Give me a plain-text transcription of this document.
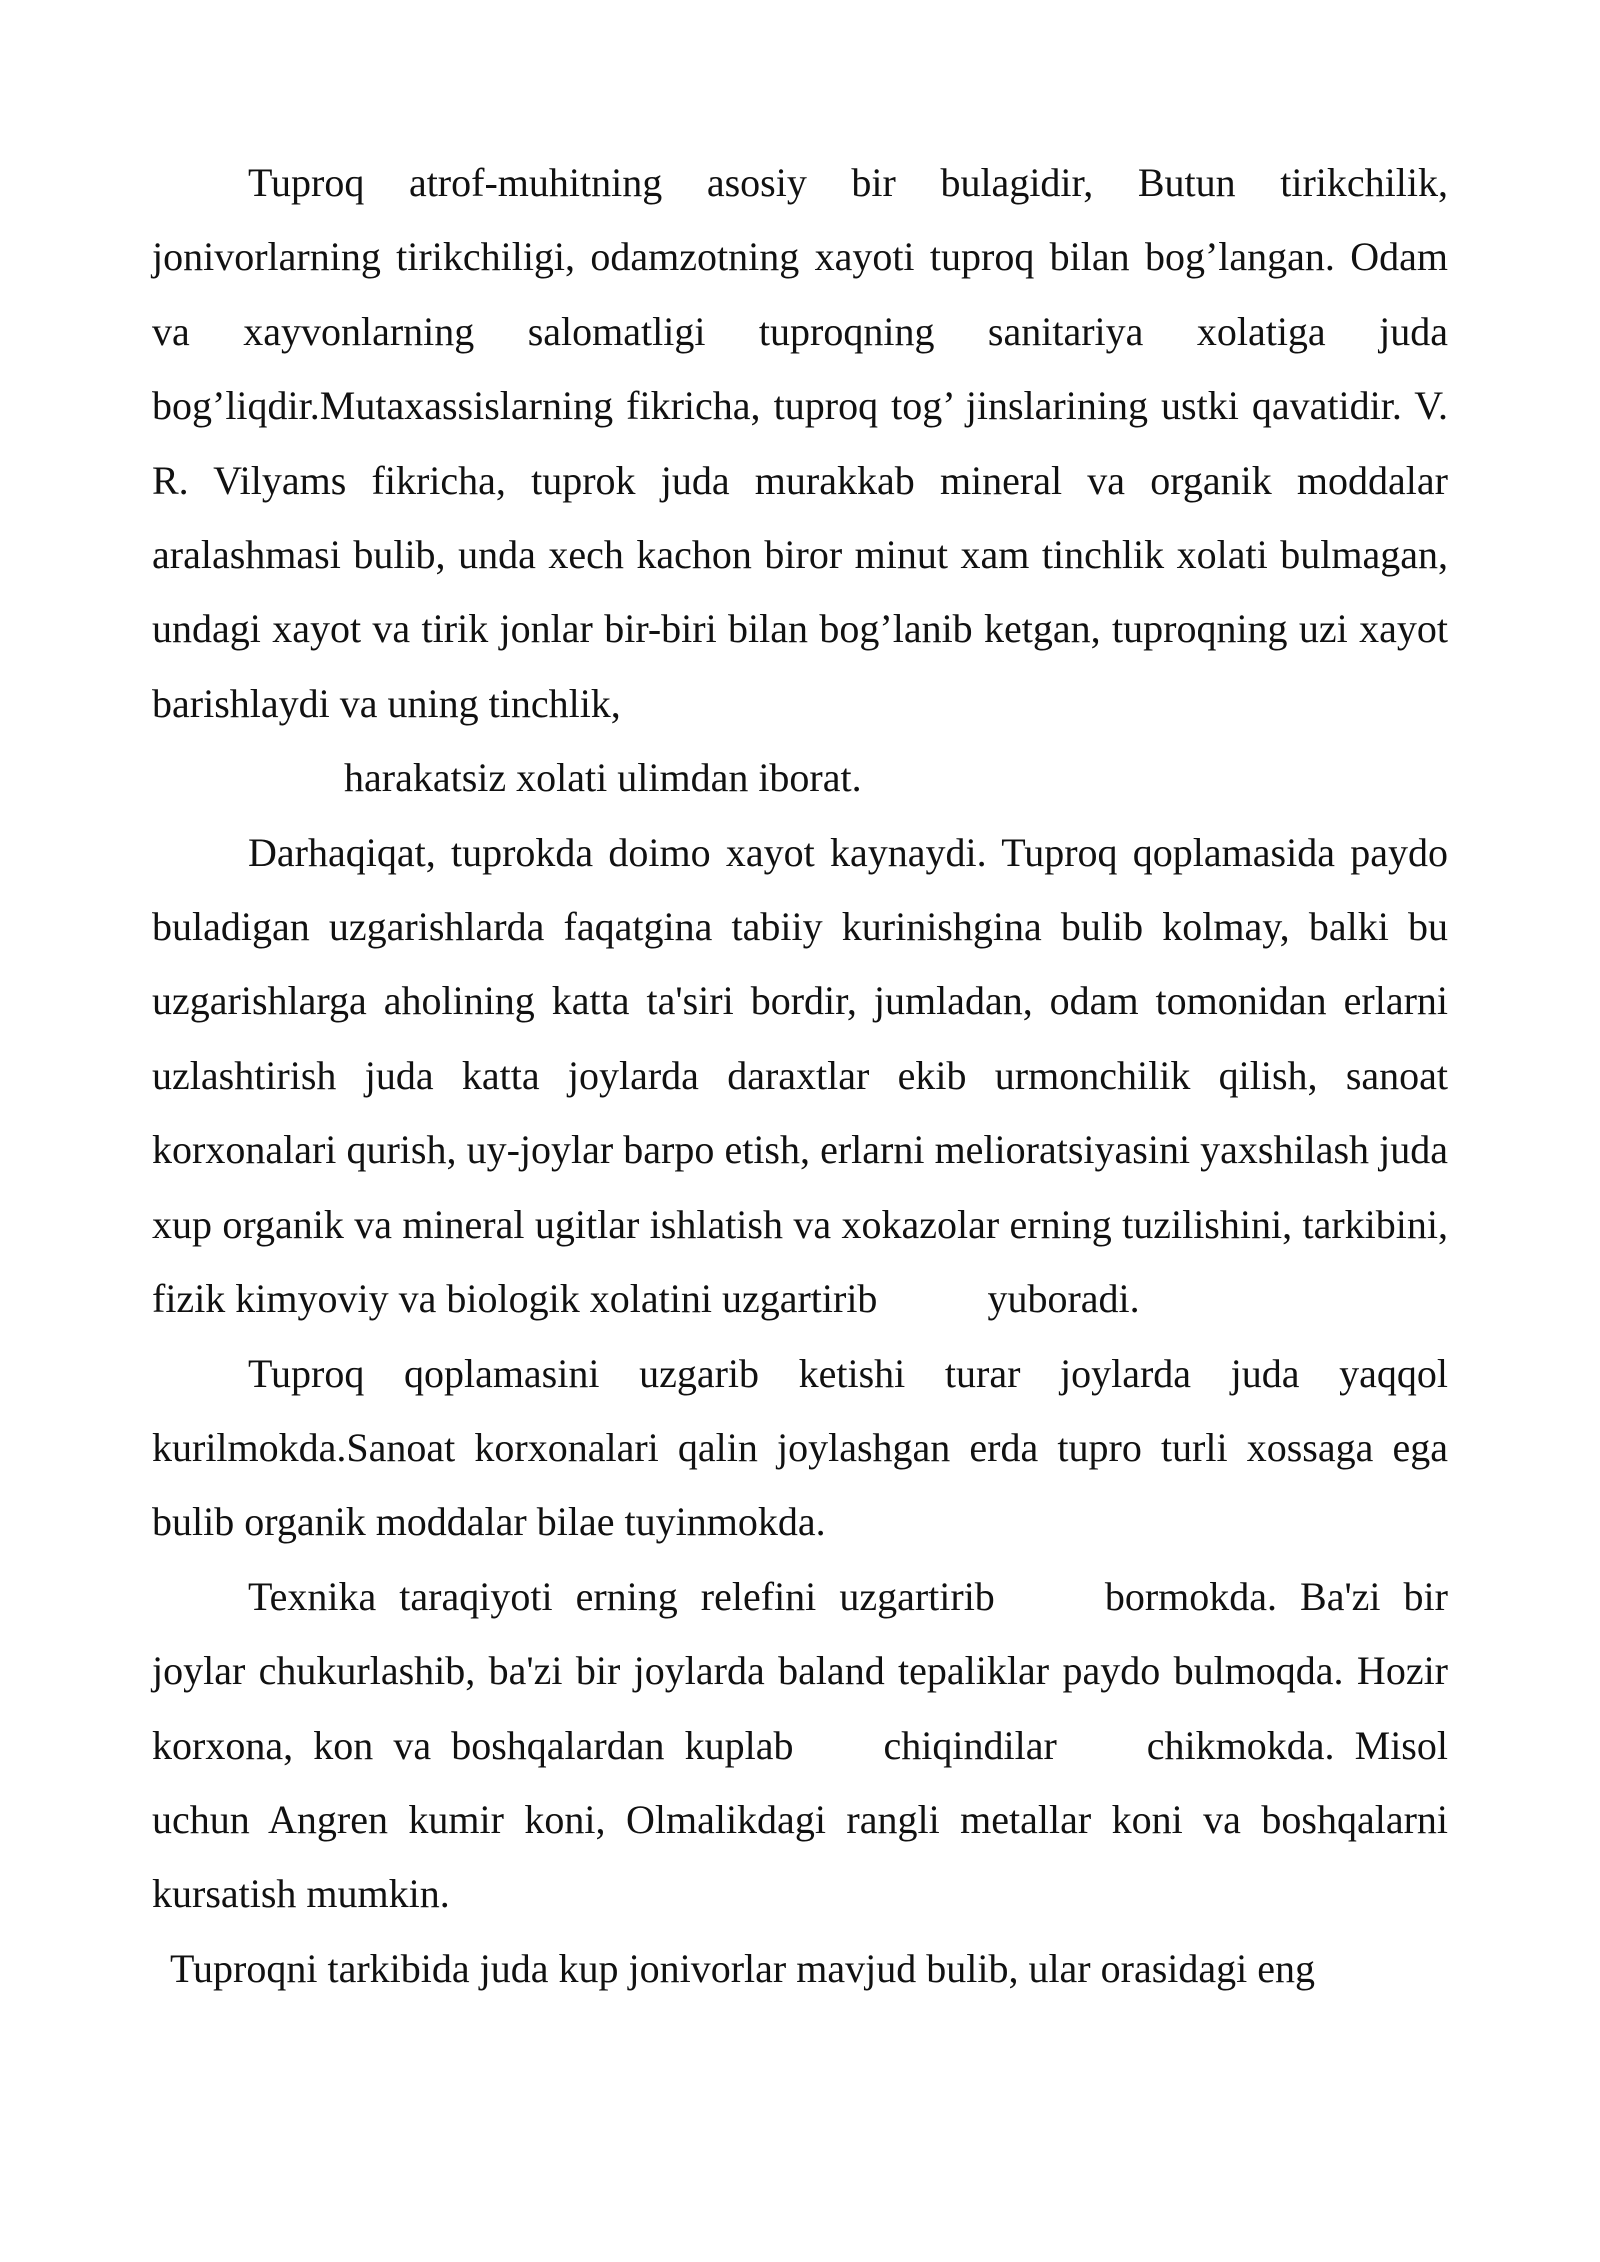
Tuproq atrof-muhitning asosiy bir bulagidir, Butun tirikchilik, jonivorlarning tirikchiligi, odamzotning xayoti tuproq bilan bog’langan. Odam va xayvonlarning salomatligi tuproqning sanitariya xolatiga juda bog’liqdir.Mutaxassislarning fikricha, tuproq tog’ jinslarining ustki qavatidir. V. R. Vilyams fikricha, tuprok juda murakkab mineral va organik moddalar aralashmasi bulib, unda xech kachon biror minut xam tinchlik xolati bulmagan, undagi xayot va tirik jonlar bir-biri bilan bog’lanib ketgan, tuproqning uzi xayot barishlaydi va uning tinchlik,
harakatsiz xolati ulimdan iborat.

Darhaqiqat, tuprokda doimo xayot kaynaydi. Tuproq qoplamasida paydo buladigan uzgarishlarda faqatgina tabiiy kurinishgina bulib kolmay, balki bu uzgarishlarga aholining katta ta'siri bordir, jumladan, odam tomonidan erlarni uzlashtirish juda katta joylarda daraxtlar ekib urmonchilik qilish, sanoat korxonalari qurish, uy-joylar barpo etish, erlarni melioratsiyasini yaxshilash juda xup organik va mineral ugitlar ishlatish va xokazolar erning tuzilishini, tarkibini, fizik kimyoviy va biologik xolatini uzgartirib	yuboradi.

Tuproq qoplamasini uzgarib ketishi turar joylarda juda yaqqol kurilmokda.Sanoat korxonalari qalin joylashgan erda tupro turli xossaga ega bulib organik moddalar bilae tuyinmokda.

Texnika taraqiyoti erning relefini uzgartirib	bormokda. Ba'zi bir joylar chukurlashib, ba'zi bir joylarda baland tepaliklar paydo bulmoqda. Hozir korxona, kon va boshqalardan kuplab chiqindilar chikmokda. Misol uchun Angren kumir koni, Olmalikdagi rangli metallar koni va boshqalarni kursatish mumkin.

Tuproqni tarkibida juda kup jonivorlar mavjud bulib, ular orasidagi eng
